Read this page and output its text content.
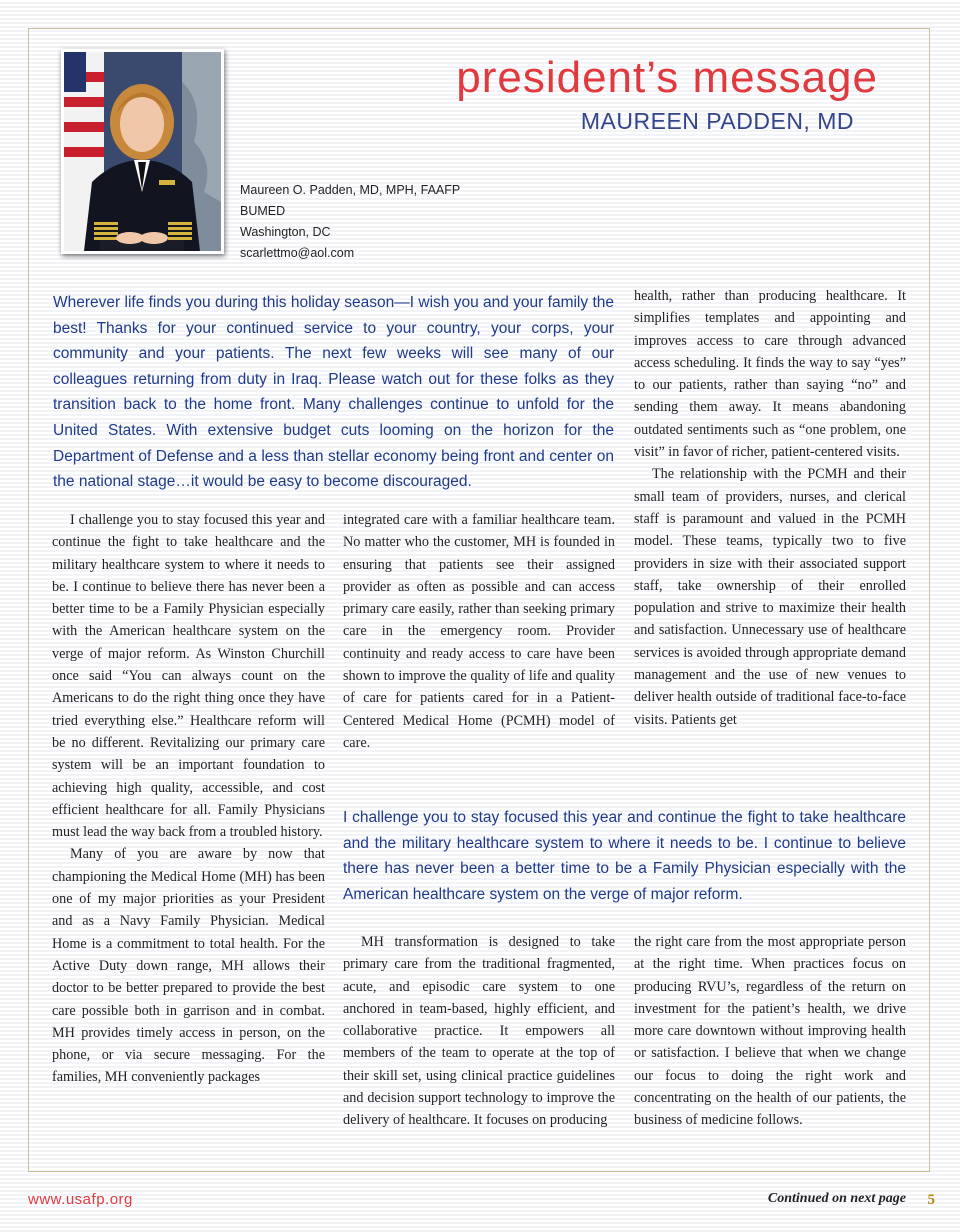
president’s message
MAUREEN PADDEN, MD
Maureen O. Padden, MD, MPH, FAAFP
BUMED
Washington, DC
scarlettmo@aol.com

Wherever life finds you during this holiday season—I wish you and your family the best! Thanks for your continued service to your country, your corps, your community and your patients. The next few weeks will see many of our colleagues returning from duty in Iraq. Please watch out for these folks as they transition back to the home front. Many challenges continue to unfold for the United States. With extensive budget cuts looming on the horizon for the Department of Defense and a less than stellar economy being front and center on the national stage…it would be easy to become discouraged.

I challenge you to stay focused this year and continue the fight to take healthcare and the military healthcare system to where it needs to be. I continue to believe there has never been a better time to be a Family Physician especially with the American healthcare system on the verge of major reform. As Winston Churchill once said “You can always count on the Americans to do the right thing once they have tried everything else.” Healthcare reform will be no different. Revitalizing our primary care system will be an important foundation to achieving high quality, accessible, and cost efficient healthcare for all. Family Physicians must lead the way back from a troubled history.

Many of you are aware by now that championing the Medical Home (MH) has been one of my major priorities as your President and as a Navy Family Physician. Medical Home is a commitment to total health. For the Active Duty down range, MH allows their doctor to be better prepared to provide the best care possible both in garrison and in combat. MH provides timely access in person, on the phone, or via secure messaging. For the families, MH conveniently packages

integrated care with a familiar healthcare team. No matter who the customer, MH is founded in ensuring that patients see their assigned provider as often as possible and can access primary care easily, rather than seeking primary care in the emergency room. Provider continuity and ready access to care have been shown to improve the quality of life and quality of care for patients cared for in a Patient-Centered Medical Home (PCMH) model of care.

health, rather than producing healthcare. It simplifies templates and appointing and improves access to care through advanced access scheduling. It finds the way to say “yes” to our patients, rather than saying “no” and sending them away. It means abandoning outdated sentiments such as “one problem, one visit” in favor of richer, patient-centered visits.

The relationship with the PCMH and their small team of providers, nurses, and clerical staff is paramount and valued in the PCMH model. These teams, typically two to five providers in size with their associated support staff, take ownership of their enrolled population and strive to maximize their health and satisfaction. Unnecessary use of healthcare services is avoided through appropriate demand management and the use of new venues to deliver health outside of traditional face-to-face visits. Patients get

I challenge you to stay focused this year and continue the fight to take healthcare and the military healthcare system to where it needs to be. I continue to believe there has never been a better time to be a Family Physician especially with the American healthcare system on the verge of major reform.

MH transformation is designed to take primary care from the traditional fragmented, acute, and episodic care system to one anchored in team-based, highly efficient, and collaborative practice. It empowers all members of the team to operate at the top of their skill set, using clinical practice guidelines and decision support technology to improve the delivery of healthcare. It focuses on producing

the right care from the most appropriate person at the right time. When practices focus on producing RVU’s, regardless of the return on investment for the patient’s health, we drive more care downtown without improving health or satisfaction. I believe that when we change our focus to doing the right work and concentrating on the health of our patients, the business of medicine follows.

www.usafp.org	Continued on next page 5
